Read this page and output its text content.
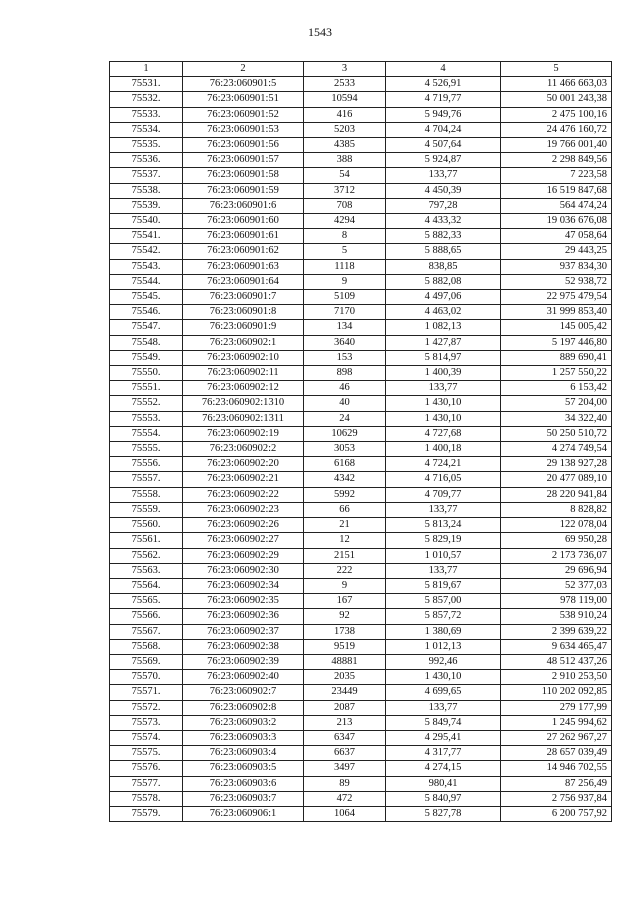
1543
1	2	3	4	5
75531.	76:23:060901:5	2533	4 526,91	11 466 663,03
75532.	76:23:060901:51	10594	4 719,77	50 001 243,38
75533.	76:23:060901:52	416	5 949,76	2 475 100,16
75534.	76:23:060901:53	5203	4 704,24	24 476 160,72
75535.	76:23:060901:56	4385	4 507,64	19 766 001,40
75536.	76:23:060901:57	388	5 924,87	2 298 849,56
75537.	76:23:060901:58	54	133,77	7 223,58
75538.	76:23:060901:59	3712	4 450,39	16 519 847,68
75539.	76:23:060901:6	708	797,28	564 474,24
75540.	76:23:060901:60	4294	4 433,32	19 036 676,08
75541.	76:23:060901:61	8	5 882,33	47 058,64
75542.	76:23:060901:62	5	5 888,65	29 443,25
75543.	76:23:060901:63	1118	838,85	937 834,30
75544.	76:23:060901:64	9	5 882,08	52 938,72
75545.	76:23:060901:7	5109	4 497,06	22 975 479,54
75546.	76:23:060901:8	7170	4 463,02	31 999 853,40
75547.	76:23:060901:9	134	1 082,13	145 005,42
75548.	76:23:060902:1	3640	1 427,87	5 197 446,80
75549.	76:23:060902:10	153	5 814,97	889 690,41
75550.	76:23:060902:11	898	1 400,39	1 257 550,22
75551.	76:23:060902:12	46	133,77	6 153,42
75552.	76:23:060902:1310	40	1 430,10	57 204,00
75553.	76:23:060902:1311	24	1 430,10	34 322,40
75554.	76:23:060902:19	10629	4 727,68	50 250 510,72
75555.	76:23:060902:2	3053	1 400,18	4 274 749,54
75556.	76:23:060902:20	6168	4 724,21	29 138 927,28
75557.	76:23:060902:21	4342	4 716,05	20 477 089,10
75558.	76:23:060902:22	5992	4 709,77	28 220 941,84
75559.	76:23:060902:23	66	133,77	8 828,82
75560.	76:23:060902:26	21	5 813,24	122 078,04
75561.	76:23:060902:27	12	5 829,19	69 950,28
75562.	76:23:060902:29	2151	1 010,57	2 173 736,07
75563.	76:23:060902:30	222	133,77	29 696,94
75564.	76:23:060902:34	9	5 819,67	52 377,03
75565.	76:23:060902:35	167	5 857,00	978 119,00
75566.	76:23:060902:36	92	5 857,72	538 910,24
75567.	76:23:060902:37	1738	1 380,69	2 399 639,22
75568.	76:23:060902:38	9519	1 012,13	9 634 465,47
75569.	76:23:060902:39	48881	992,46	48 512 437,26
75570.	76:23:060902:40	2035	1 430,10	2 910 253,50
75571.	76:23:060902:7	23449	4 699,65	110 202 092,85
75572.	76:23:060902:8	2087	133,77	279 177,99
75573.	76:23:060903:2	213	5 849,74	1 245 994,62
75574.	76:23:060903:3	6347	4 295,41	27 262 967,27
75575.	76:23:060903:4	6637	4 317,77	28 657 039,49
75576.	76:23:060903:5	3497	4 274,15	14 946 702,55
75577.	76:23:060903:6	89	980,41	87 256,49
75578.	76:23:060903:7	472	5 840,97	2 756 937,84
75579.	76:23:060906:1	1064	5 827,78	6 200 757,92
